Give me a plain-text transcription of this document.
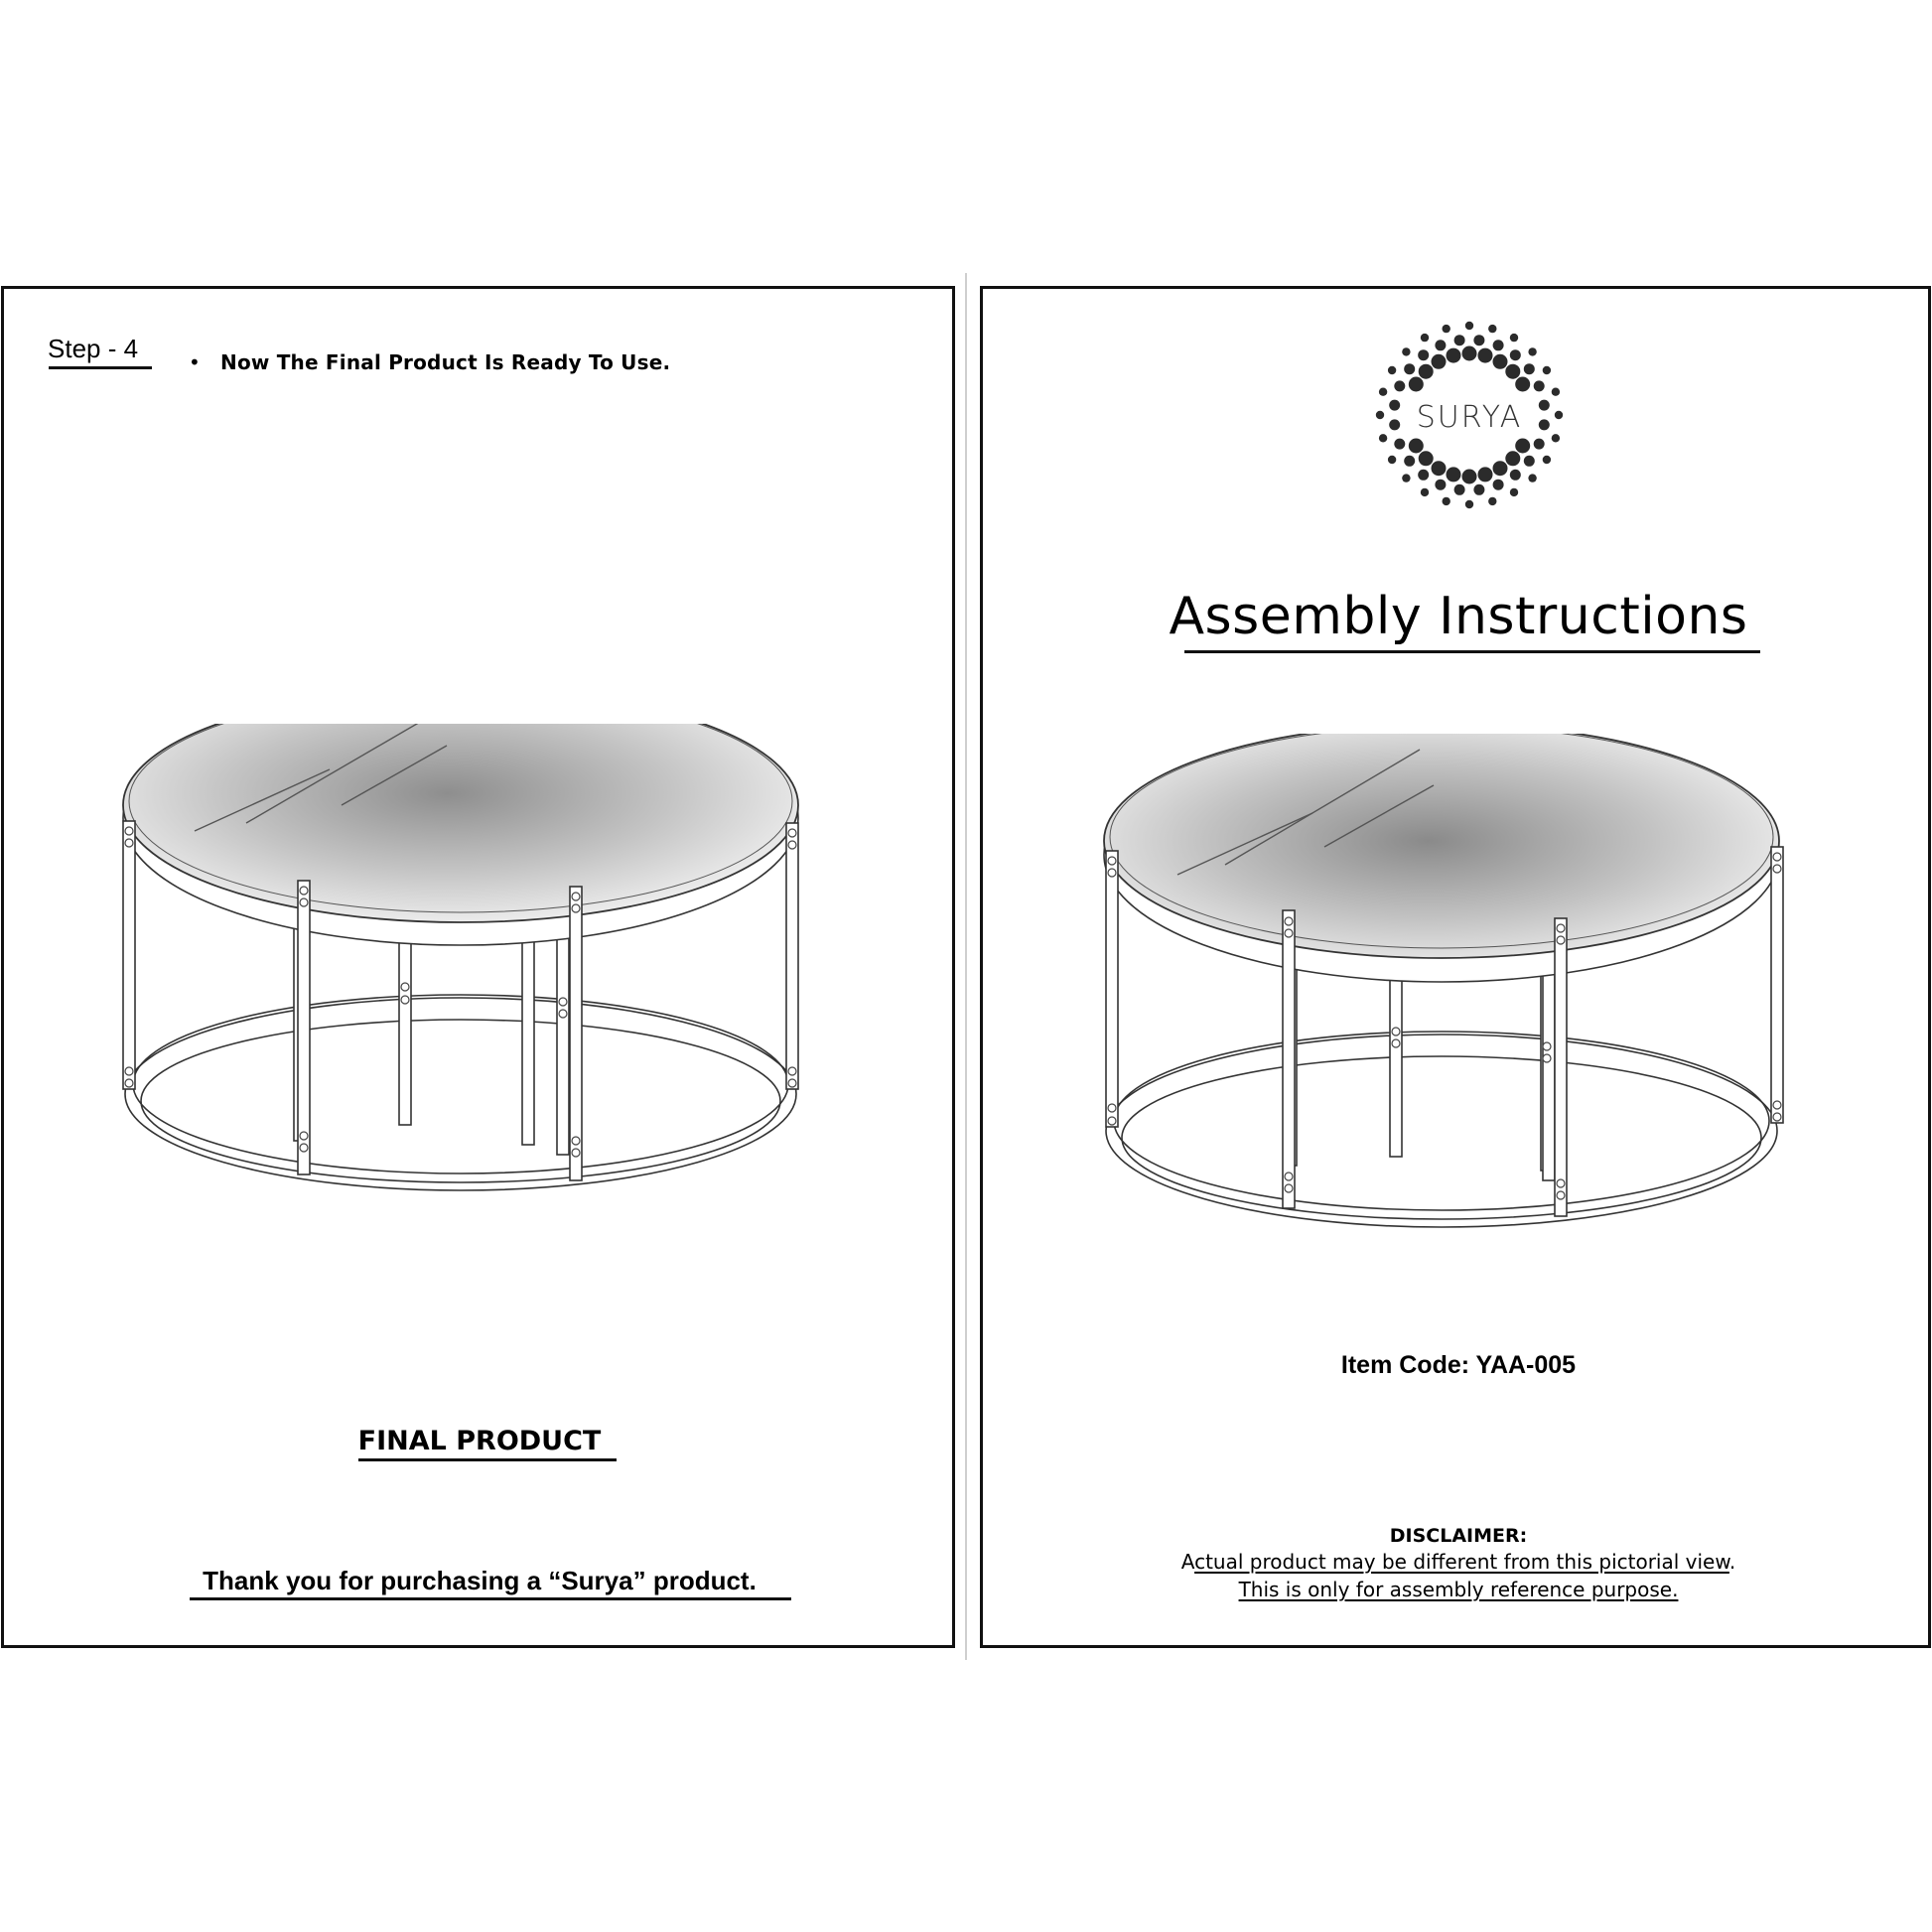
Step - 4	• Now The Final Product Is Ready To Use.
FINAL PRODUCT
Thank you for purchasing a “Surya” product.
SURYA
Assembly Instructions
Item Code: YAA-005
DISCLAIMER:
Actual product may be different from this pictorial view.
This is only for assembly reference purpose.
